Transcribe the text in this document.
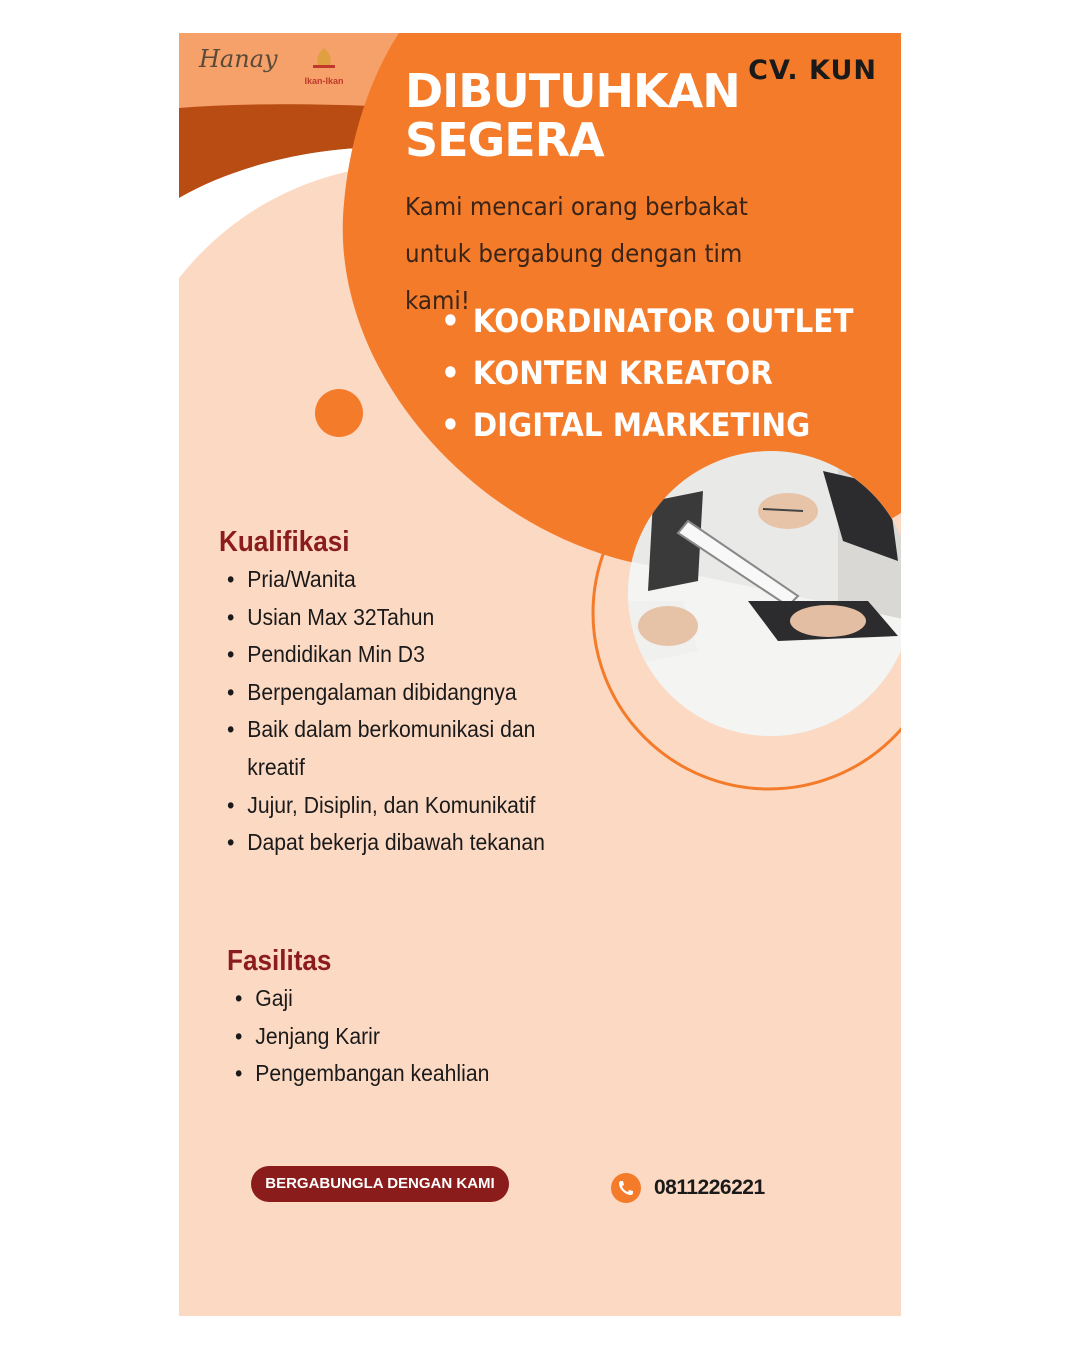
Hanay
Ikan-Ikan	CV. KUN
DIBUTUHKAN
SEGERA
Kami mencari orang berbakat
untuk bergabung dengan tim kami!
• KOORDINATOR OUTLET
• KONTEN KREATOR
• DIGITAL MARKETING
Kualifikasi
• Pria/Wanita
• Usian Max 32Tahun
• Pendidikan Min D3
• Berpengalaman dibidangnya
• Baik dalam berkomunikasi dan
kreatif
• Jujur, Disiplin, dan Komunikatif
• Dapat bekerja dibawah tekanan
Fasilitas
• Gaji
• Jenjang Karir
• Pengembangan keahlian
BERGABUNGLA DENGAN KAMI	0811226221
